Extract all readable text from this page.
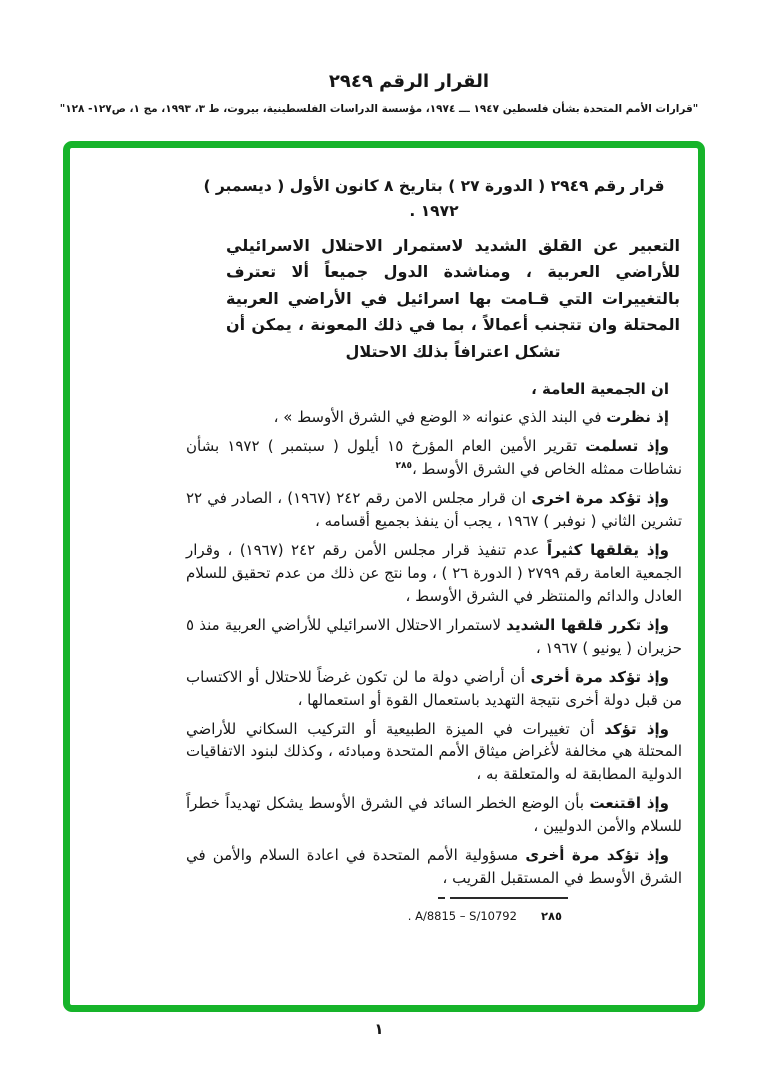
القرار الرقم ٢٩٤٩
"قرارات الأمم المتحدة بشأن فلسطين ١٩٤٧ ـــ ١٩٧٤، مؤسسة الدراسات الفلسطينية، بيروت، ط ٣، ١٩٩٣، مج ١، ص١٢٧- ١٢٨"

قرار رقم ٢٩٤٩ ( الدورة ٢٧ ) بتاريخ ٨ كانون الأول ( ديسمبر )
١٩٧٢ .

التعبير عن القلق الشديد لاستمرار الاحتلال الاسرائيلي للأراضي العربية ، ومناشدة الدول جميعاً ألا تعترف بالتغييرات التي قـامت بها اسرائيل في الأراضي العربية المحتلة وان تتجنب أعمالاً ، بما في ذلك المعونة ، يمكن أن تشكل اعترافاً بذلك الاحتلال

ان الجمعية العامة ،

إذ نظرت في البند الذي عنوانه « الوضع في الشرق الأوسط » ،

وإذ تسلمت تقرير الأمين العام المؤرخ ١٥ أيلول ( سبتمبر ) ١٩٧٢ بشأن نشاطات ممثله الخاص في الشرق الأوسط ،$^{٢٨٥}$

وإذ تؤكد مرة اخرى ان قرار مجلس الامن رقم ٢٤٢ (١٩٦٧) ، الصادر في ٢٢ تشرين الثاني ( نوفبر ) ١٩٦٧ ، يجب أن ينفذ بجميع أقسامه ،

وإذ يقلقها كثيراً عدم تنفيذ قرار مجلس الأمن رقم ٢٤٢ (١٩٦٧) ، وقرار الجمعية العامة رقم ٢٧٩٩ ( الدورة ٢٦ ) ، وما نتج عن ذلك من عدم تحقيق للسلام العادل والدائم والمنتظر في الشرق الأوسط ،

وإذ تكرر قلقها الشديد لاستمرار الاحتلال الاسرائيلي للأراضي العربية منذ ٥ حزيران ( يونيو ) ١٩٦٧ ،

وإذ تؤكد مرة أخرى أن أراضي دولة ما لن تكون غرضاً للاحتلال أو الاكتساب من قبل دولة أخرى نتيجة التهديد باستعمال القوة أو استعمالها ،

وإذ تؤكد أن تغييرات في الميزة الطبيعية أو التركيب السكاني للأراضي المحتلة هي مخالفة لأغراض ميثاق الأمم المتحدة ومبادئه ، وكذلك لبنود الاتفاقيات الدولية المطابقة له والمتعلقة به ،

وإذ اقتنعت بأن الوضع الخطر السائد في الشرق الأوسط يشكل تهديداً خطراً للسلام والأمن الدوليين ،

وإذ تؤكد مرة أخرى مسؤولية الأمم المتحدة في اعادة السلام والأمن في الشرق الأوسط في المستقبل القريب ،

٢٨٥A/8815 – S/10792 .
١
